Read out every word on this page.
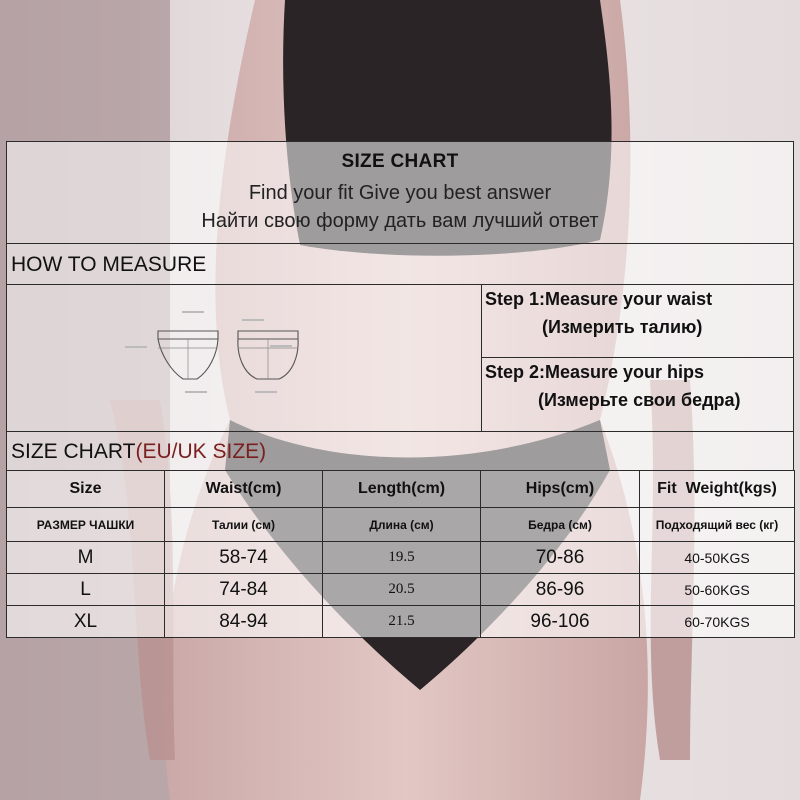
SIZE CHART
Find your fit Give you best answer
Найти свою форму дать вам лучший ответ
HOW TO MEASURE
Step 1:Measure your waist
(Измерить талию)
Step 2:Measure your hips
(Измерьте свои бедра)
SIZE CHART(EU/UK SIZE)
Size	Waist(cm)	Length(cm)	Hips(cm)	Fit  Weight(kgs)
РАЗМЕР ЧАШКИ	Талии (см)	Длина (см)	Бедра (см)	Подходящий вес (кг)
M	58-74	19.5	70-86	40-50KGS
L	74-84	20.5	86-96	50-60KGS
XL	84-94	21.5	96-106	60-70KGS
